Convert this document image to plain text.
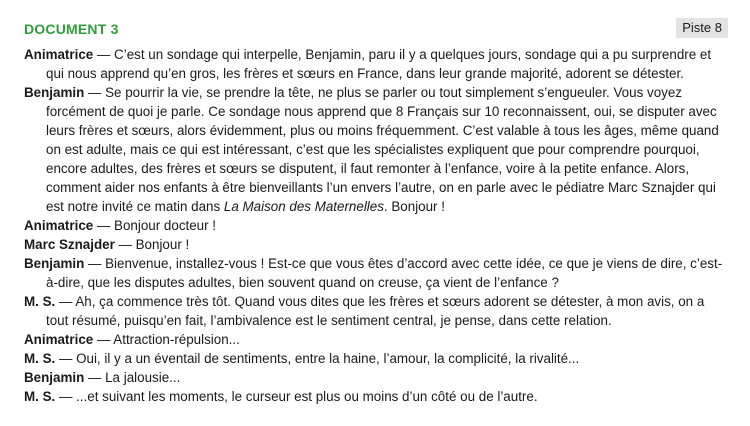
DOCUMENT 3	Piste 8

Animatrice — C’est un sondage qui interpelle, Benjamin, paru il y a quelques jours, sondage qui a pu surprendre et qui nous apprend qu’en gros, les frères et sœurs en France, dans leur grande majorité, adorent se détester.

Benjamin — Se pourrir la vie, se prendre la tête, ne plus se parler ou tout simplement s’engueuler. Vous voyez forcément de quoi je parle. Ce sondage nous apprend que 8 Français sur 10 reconnaissent, oui, se disputer avec leurs frères et sœurs, alors évidemment, plus ou moins fréquemment. C’est valable à tous les âges, même quand on est adulte, mais ce qui est intéressant, c’est que les spécialistes expliquent que pour comprendre pourquoi, encore adultes, des frères et sœurs se disputent, il faut remonter à l’enfance, voire à la petite enfance. Alors, comment aider nos enfants à être bienveillants l’un envers l’autre, on en parle avec le pédiatre Marc Sznajder qui est notre invité ce matin dans La Maison des Maternelles. Bonjour !

Animatrice — Bonjour docteur !

Marc Sznajder — Bonjour !

Benjamin — Bienvenue, installez-vous ! Est-ce que vous êtes d’accord avec cette idée, ce que je viens de dire, c’est-à-dire, que les disputes adultes, bien souvent quand on creuse, ça vient de l’enfance ?

M. S. — Ah, ça commence très tôt. Quand vous dites que les frères et sœurs adorent se détester, à mon avis, on a tout résumé, puisqu’en fait, l’ambivalence est le sentiment central, je pense, dans cette relation.

Animatrice — Attraction-répulsion...

M. S. — Oui, il y a un éventail de sentiments, entre la haine, l’amour, la complicité, la rivalité...

Benjamin — La jalousie...

M. S. — ...et suivant les moments, le curseur est plus ou moins d’un côté ou de l’autre.
